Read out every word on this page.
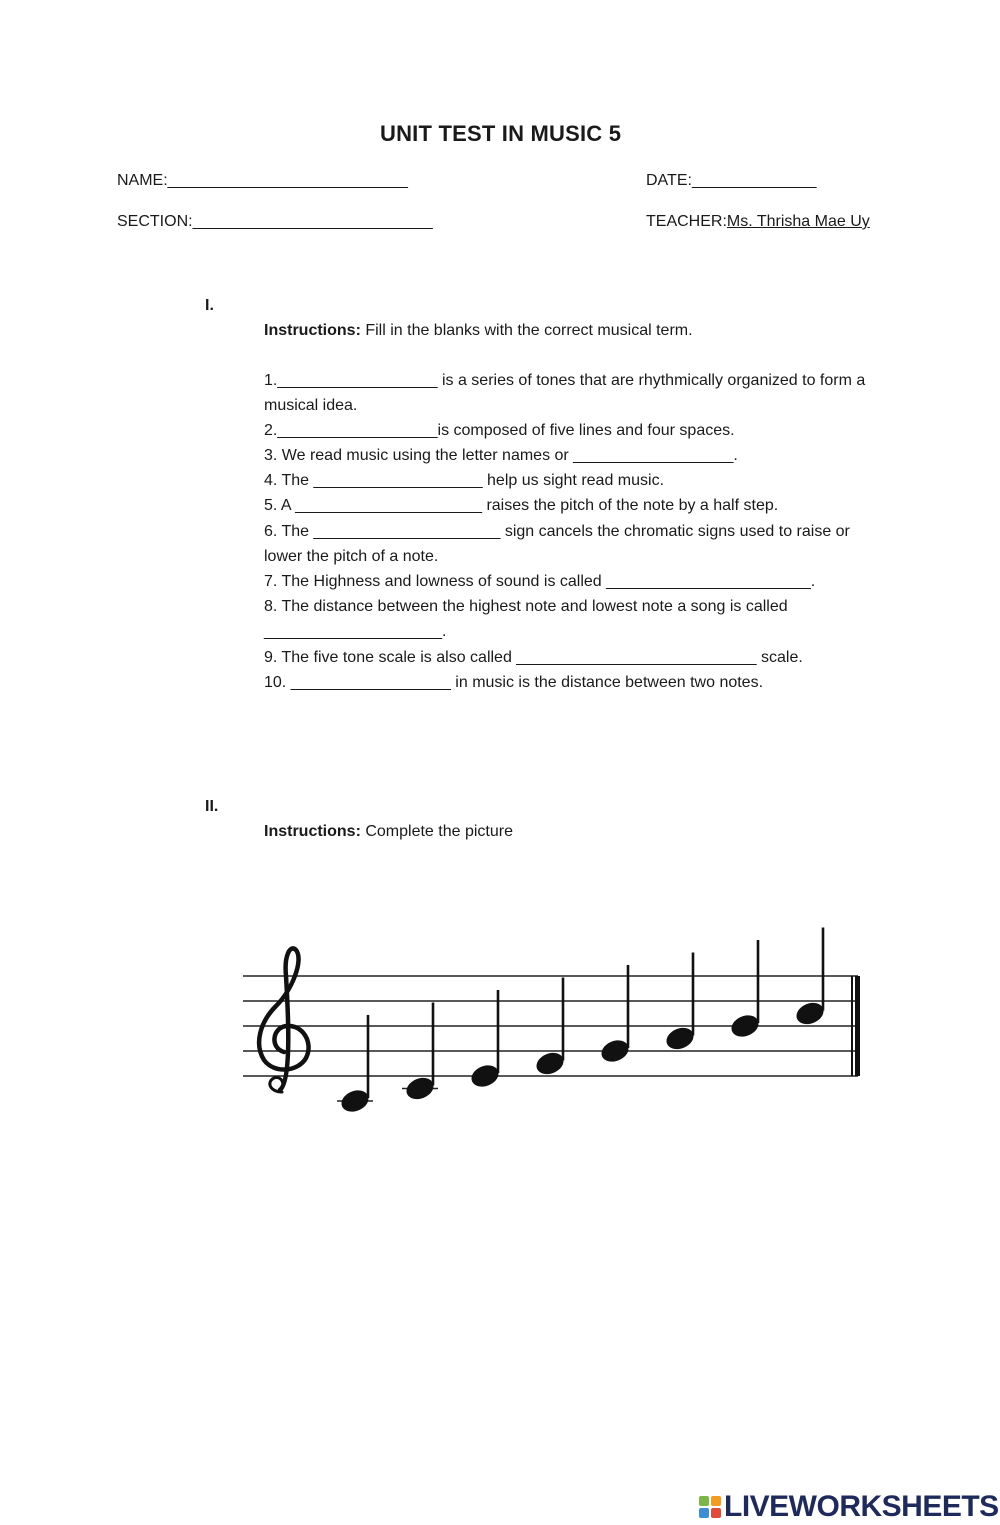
UNIT TEST IN MUSIC 5
NAME:___________________________	DATE:______________
SECTION:___________________________	TEACHER:Ms. Thrisha Mae Uy
I.
Instructions: Fill in the blanks with the correct musical term.
1.__________________ is a series of tones that are rhythmically organized to form a
musical idea.
2.__________________is composed of five lines and four spaces.
3. We read music using the letter names or __________________.
4. The ___________________ help us sight read music.
5. A _____________________ raises the pitch of the note by a half step.
6. The _____________________ sign cancels the chromatic signs used to raise or
lower the pitch of a note.
7. The Highness and lowness of sound is called _______________________.
8. The distance between the highest note and lowest note a song is called
____________________.
9. The five tone scale is also called ___________________________ scale.
10. __________________ in music is the distance between two notes.
II.
Instructions: Complete the picture
LIVEWORKSHEETS
